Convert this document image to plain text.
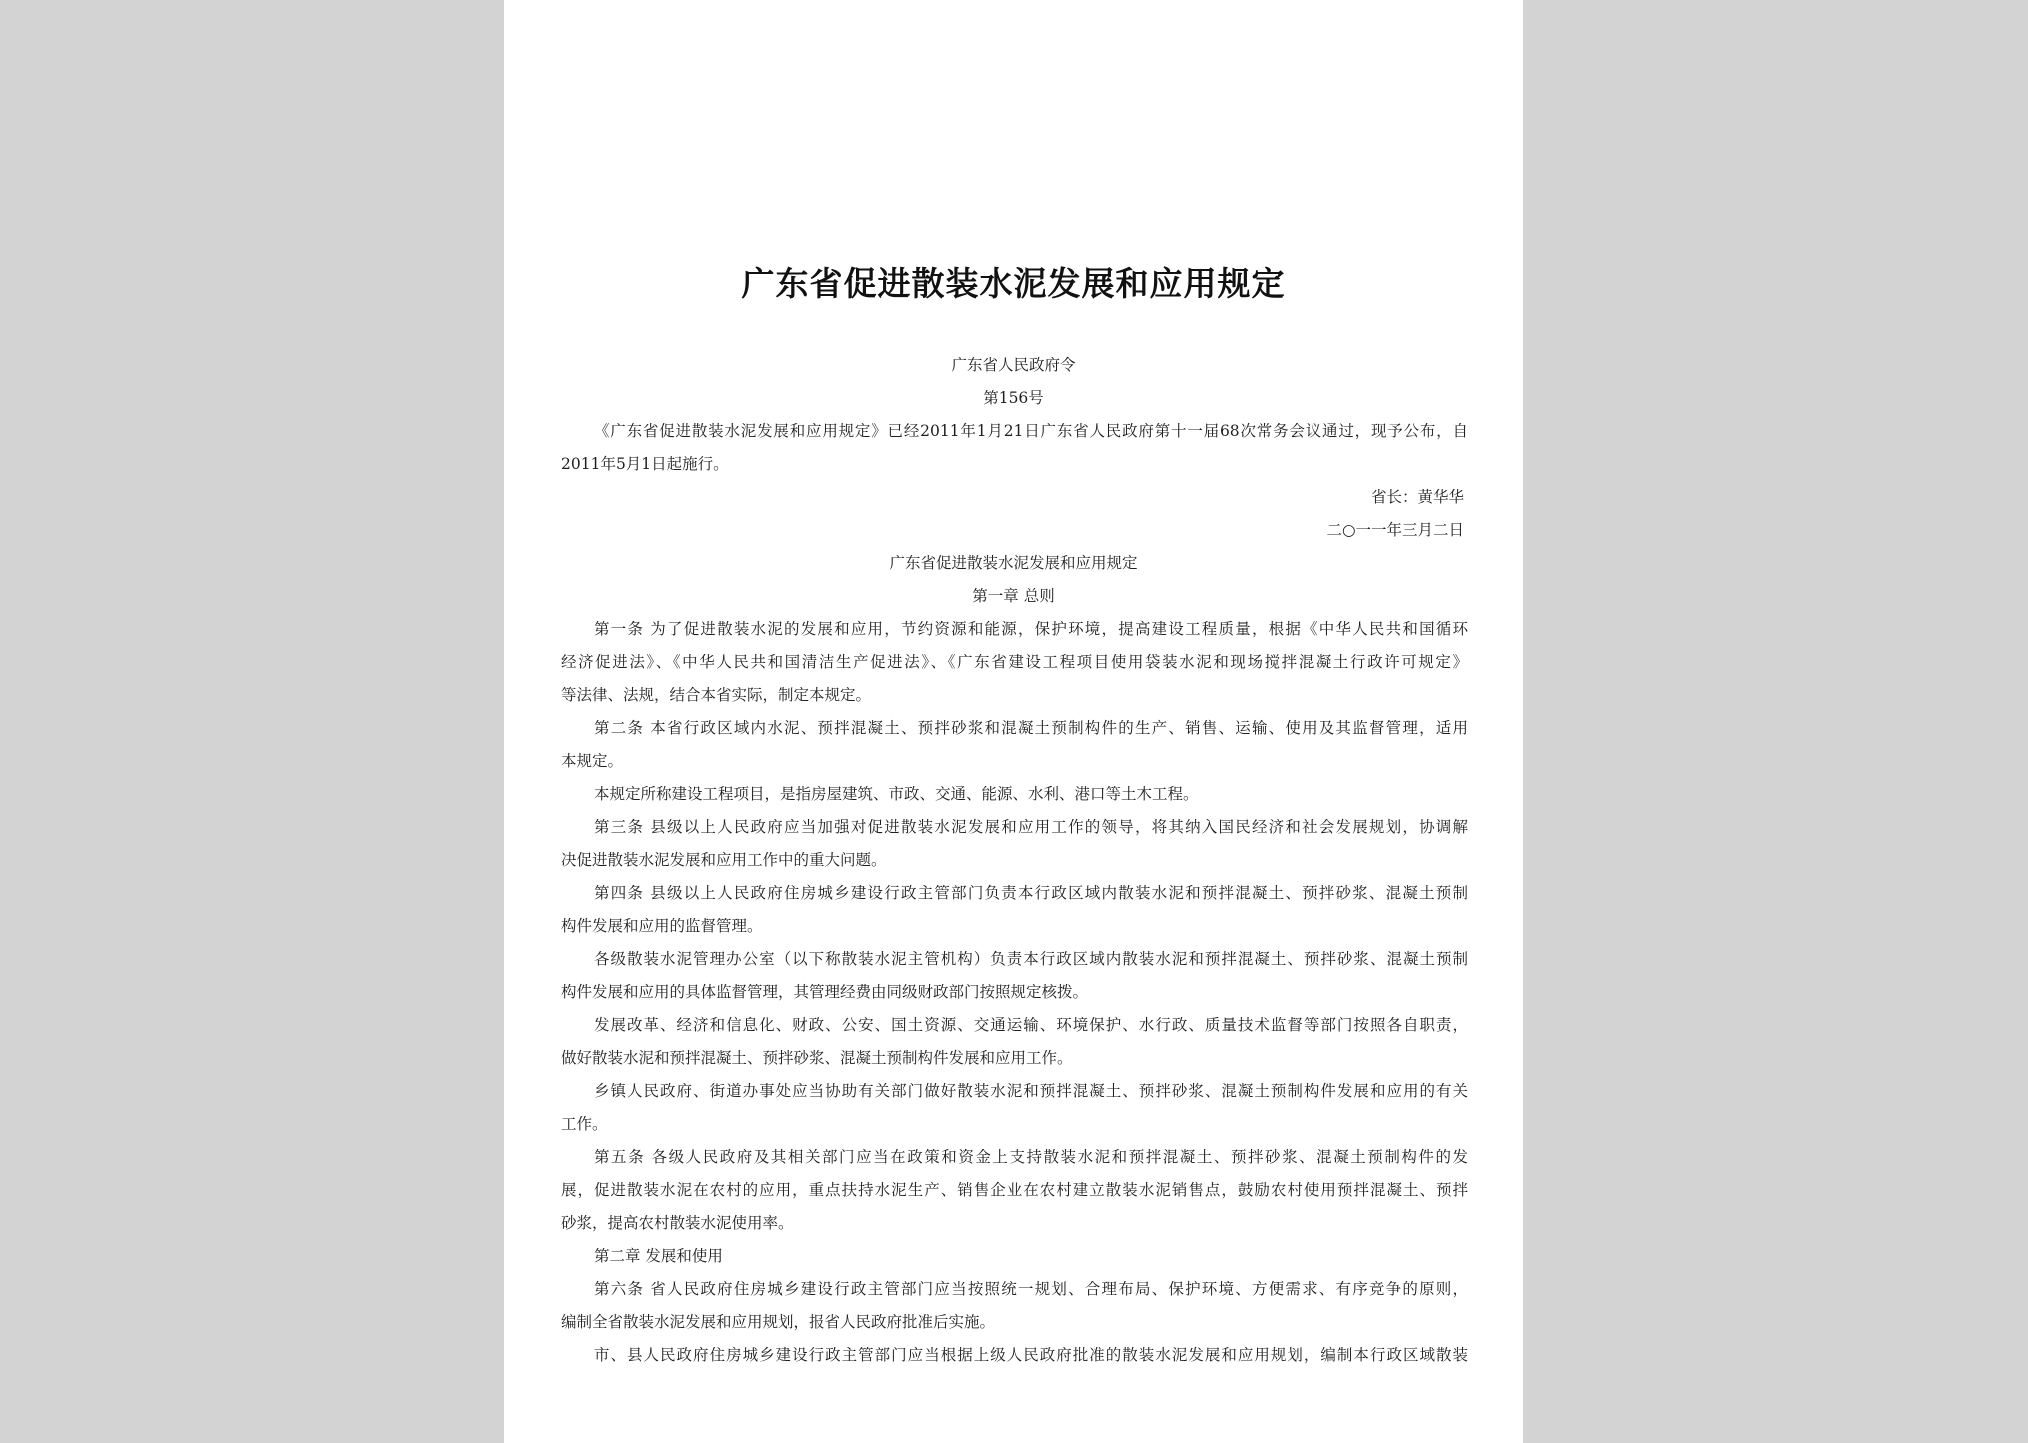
广东省促进散装水泥发展和应用规定
广东省人民政府令
第156号
《广东省促进散装水泥发展和应用规定》已经2011年1月21日广东省人民政府第十一届68次常务会议通过，现予公布，自
2011年5月1日起施行。
省长：黄华华
二○一一年三月二日
广东省促进散装水泥发展和应用规定
第一章 总则
第一条 为了促进散装水泥的发展和应用，节约资源和能源，保护环境，提高建设工程质量，根据《中华人民共和国循环
经济促进法》、《中华人民共和国清洁生产促进法》、《广东省建设工程项目使用袋装水泥和现场搅拌混凝土行政许可规定》
等法律、法规，结合本省实际，制定本规定。
第二条 本省行政区域内水泥、预拌混凝土、预拌砂浆和混凝土预制构件的生产、销售、运输、使用及其监督管理，适用
本规定。
本规定所称建设工程项目，是指房屋建筑、市政、交通、能源、水利、港口等土木工程。
第三条 县级以上人民政府应当加强对促进散装水泥发展和应用工作的领导，将其纳入国民经济和社会发展规划，协调解
决促进散装水泥发展和应用工作中的重大问题。
第四条 县级以上人民政府住房城乡建设行政主管部门负责本行政区域内散装水泥和预拌混凝土、预拌砂浆、混凝土预制
构件发展和应用的监督管理。
各级散装水泥管理办公室（以下称散装水泥主管机构）负责本行政区域内散装水泥和预拌混凝土、预拌砂浆、混凝土预制
构件发展和应用的具体监督管理，其管理经费由同级财政部门按照规定核拨。
发展改革、经济和信息化、财政、公安、国土资源、交通运输、环境保护、水行政、质量技术监督等部门按照各自职责，
做好散装水泥和预拌混凝土、预拌砂浆、混凝土预制构件发展和应用工作。
乡镇人民政府、街道办事处应当协助有关部门做好散装水泥和预拌混凝土、预拌砂浆、混凝土预制构件发展和应用的有关
工作。
第五条 各级人民政府及其相关部门应当在政策和资金上支持散装水泥和预拌混凝土、预拌砂浆、混凝土预制构件的发
展，促进散装水泥在农村的应用，重点扶持水泥生产、销售企业在农村建立散装水泥销售点，鼓励农村使用预拌混凝土、预拌
砂浆，提高农村散装水泥使用率。
第二章 发展和使用
第六条 省人民政府住房城乡建设行政主管部门应当按照统一规划、合理布局、保护环境、方便需求、有序竞争的原则，
编制全省散装水泥发展和应用规划，报省人民政府批准后实施。
市、县人民政府住房城乡建设行政主管部门应当根据上级人民政府批准的散装水泥发展和应用规划，编制本行政区域散装
